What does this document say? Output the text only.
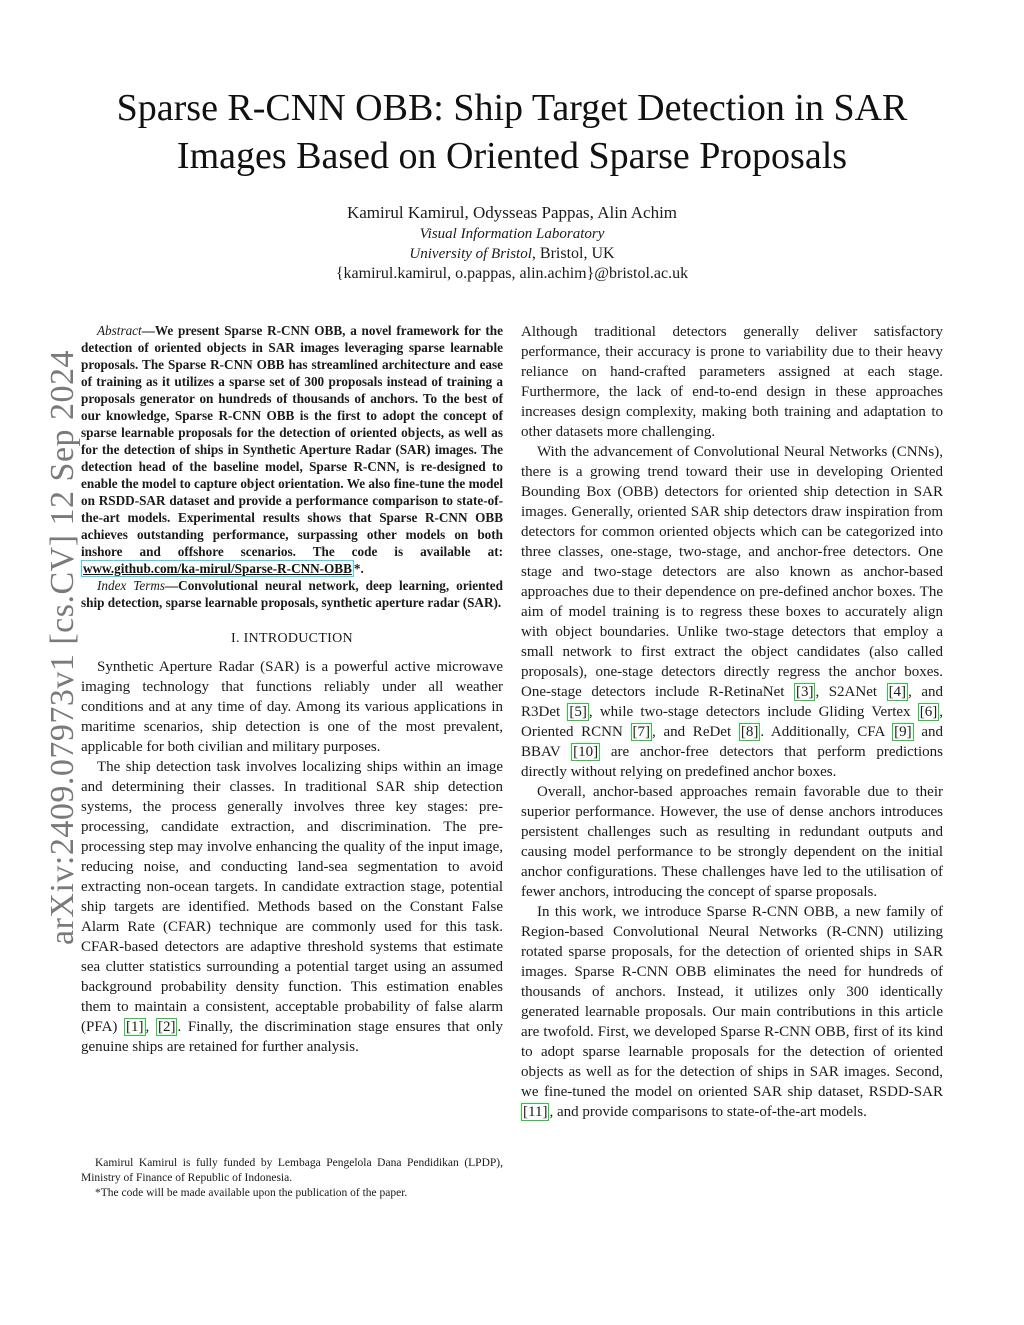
arXiv:2409.07973v1 [cs.CV] 12 Sep 2024
Sparse R-CNN OBB: Ship Target Detection in SAR
Images Based on Oriented Sparse Proposals
Kamirul Kamirul, Odysseas Pappas, Alin Achim
Visual Information Laboratory
University of Bristol, Bristol, UK
{kamirul.kamirul, o.pappas, alin.achim}@bristol.ac.uk

Abstract—We present Sparse R-CNN OBB, a novel framework for the detection of oriented objects in SAR images leveraging sparse learnable proposals. The Sparse R-CNN OBB has streamlined architecture and ease of training as it utilizes a sparse set of 300 proposals instead of training a proposals generator on hundreds of thousands of anchors. To the best of our knowledge, Sparse R-CNN OBB is the first to adopt the concept of sparse learnable proposals for the detection of oriented objects, as well as for the detection of ships in Synthetic Aperture Radar (SAR) images. The detection head of the baseline model, Sparse R-CNN, is re-designed to enable the model to capture object orientation. We also fine-tune the model on RSDD-SAR dataset and provide a performance comparison to state-of-the-art models. Experimental results shows that Sparse R-CNN OBB achieves outstanding performance, surpassing other models on both inshore and offshore scenarios. The code is available at: www.github.com/ka-mirul/Sparse-R-CNN-OBB *.

Index Terms—Convolutional neural network, deep learning, oriented ship detection, sparse learnable proposals, synthetic aperture radar (SAR).

I. INTRODUCTION

Synthetic Aperture Radar (SAR) is a powerful active microwave imaging technology that functions reliably under all weather conditions and at any time of day. Among its various applications in maritime scenarios, ship detection is one of the most prevalent, applicable for both civilian and military purposes.

The ship detection task involves localizing ships within an image and determining their classes. In traditional SAR ship detection systems, the process generally involves three key stages: pre-processing, candidate extraction, and discrimination. The pre-processing step may involve enhancing the quality of the input image, reducing noise, and conducting land-sea segmentation to avoid extracting non-ocean targets. In candidate extraction stage, potential ship targets are identified. Methods based on the Constant False Alarm Rate (CFAR) technique are commonly used for this task. CFAR-based detectors are adaptive threshold systems that estimate sea clutter statistics surrounding a potential target using an assumed background probability density function. This estimation enables them to maintain a consistent, acceptable probability of false alarm (PFA) [1] , [2] . Finally, the discrimination stage ensures that only genuine ships are retained for further analysis.

Kamirul Kamirul is fully funded by Lembaga Pengelola Dana Pendidikan (LPDP), Ministry of Finance of Republic of Indonesia.

*The code will be made available upon the publication of the paper.

Although traditional detectors generally deliver satisfactory performance, their accuracy is prone to variability due to their heavy reliance on hand-crafted parameters assigned at each stage. Furthermore, the lack of end-to-end design in these approaches increases design complexity, making both training and adaptation to other datasets more challenging.

With the advancement of Convolutional Neural Networks (CNNs), there is a growing trend toward their use in developing Oriented Bounding Box (OBB) detectors for oriented ship detection in SAR images. Generally, oriented SAR ship detectors draw inspiration from detectors for common oriented objects which can be categorized into three classes, one-stage, two-stage, and anchor-free detectors. One stage and two-stage detectors are also known as anchor-based approaches due to their dependence on pre-defined anchor boxes. The aim of model training is to regress these boxes to accurately align with object boundaries. Unlike two-stage detectors that employ a small network to first extract the object candidates (also called proposals), one-stage detectors directly regress the anchor boxes. One-stage detectors include R-RetinaNet [3] , S2ANet [4] , and R3Det [5] , while two-stage detectors include Gliding Vertex [6] , Oriented RCNN [7] , and ReDet [8] . Additionally, CFA [9] and BBAV [10] are anchor-free detectors that perform predictions directly without relying on predefined anchor boxes.

Overall, anchor-based approaches remain favorable due to their superior performance. However, the use of dense anchors introduces persistent challenges such as resulting in redundant outputs and causing model performance to be strongly dependent on the initial anchor configurations. These challenges have led to the utilisation of fewer anchors, introducing the concept of sparse proposals.

In this work, we introduce Sparse R-CNN OBB, a new family of Region-based Convolutional Neural Networks (R-CNN) utilizing rotated sparse proposals, for the detection of oriented ships in SAR images. Sparse R-CNN OBB eliminates the need for hundreds of thousands of anchors. Instead, it utilizes only 300 identically generated learnable proposals. Our main contributions in this article are twofold. First, we developed Sparse R-CNN OBB, first of its kind to adopt sparse learnable proposals for the detection of oriented objects as well as for the detection of ships in SAR images. Second, we fine-tuned the model on oriented SAR ship dataset, RSDD-SAR [11] , and provide comparisons to state-of-the-art models.
